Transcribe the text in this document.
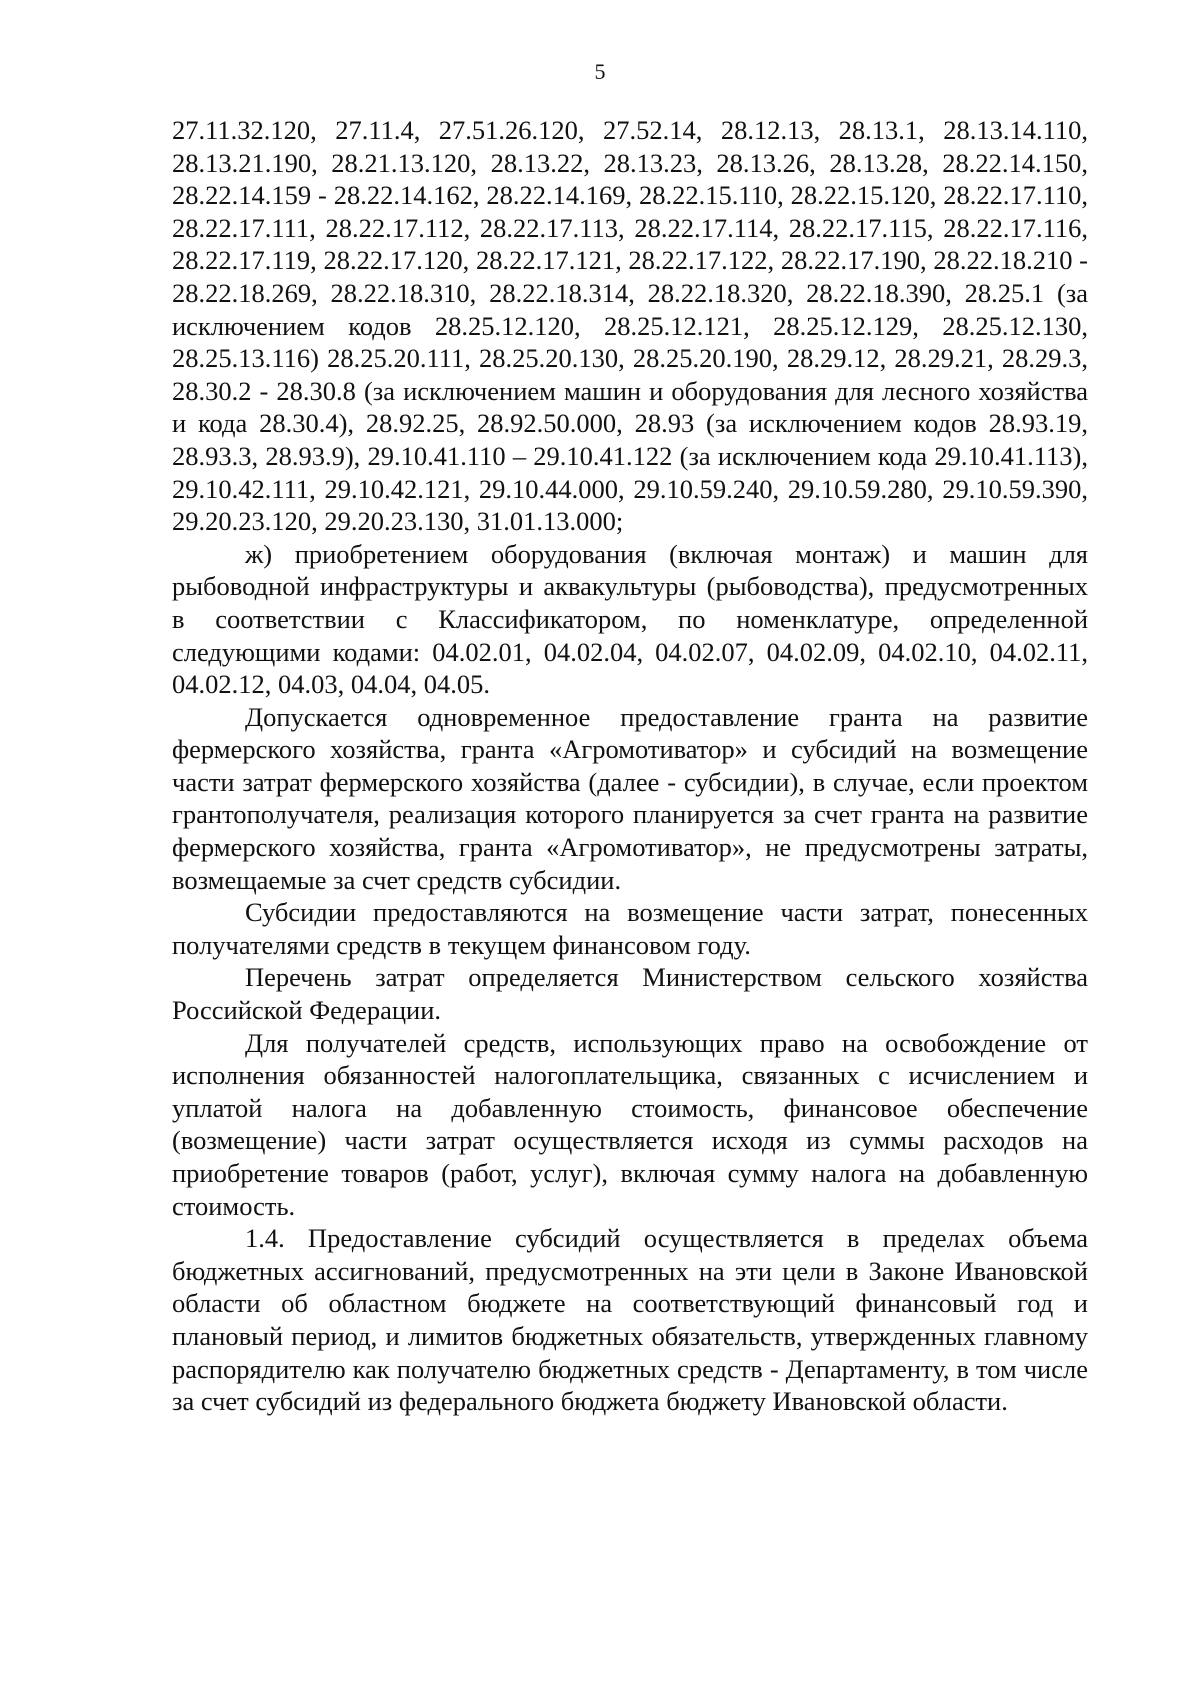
5

27.11.32.120, 27.11.4, 27.51.26.120, 27.52.14, 28.12.13, 28.13.1, 28.13.14.110, 28.13.21.190, 28.21.13.120, 28.13.22, 28.13.23, 28.13.26, 28.13.28, 28.22.14.150, 28.22.14.159 - 28.22.14.162, 28.22.14.169, 28.22.15.110, 28.22.15.120, 28.22.17.110, 28.22.17.111, 28.22.17.112, 28.22.17.113, 28.22.17.114, 28.22.17.115, 28.22.17.116, 28.22.17.119, 28.22.17.120, 28.22.17.121, 28.22.17.122, 28.22.17.190, 28.22.18.210 - 28.22.18.269, 28.22.18.310, 28.22.18.314, 28.22.18.320, 28.22.18.390, 28.25.1 (за исключением кодов 28.25.12.120, 28.25.12.121, 28.25.12.129, 28.25.12.130, 28.25.13.116) 28.25.20.111, 28.25.20.130, 28.25.20.190, 28.29.12, 28.29.21, 28.29.3, 28.30.2 - 28.30.8 (за исключением машин и оборудования для лесного хозяйства и кода 28.30.4), 28.92.25, 28.92.50.000, 28.93 (за исключением кодов 28.93.19, 28.93.3, 28.93.9), 29.10.41.110 – 29.10.41.122 (за исключением кода 29.10.41.113), 29.10.42.111, 29.10.42.121, 29.10.44.000, 29.10.59.240, 29.10.59.280, 29.10.59.390, 29.20.23.120, 29.20.23.130, 31.01.13.000;

ж) приобретением оборудования (включая монтаж) и машин для рыбоводной инфраструктуры и аквакультуры (рыбоводства), предусмотренных в соответствии с Классификатором, по номенклатуре, определенной следующими кодами: 04.02.01, 04.02.04, 04.02.07, 04.02.09, 04.02.10, 04.02.11, 04.02.12, 04.03, 04.04, 04.05.

Допускается одновременное предоставление гранта на развитие фермерского хозяйства, гранта «Агромотиватор» и субсидий на возмещение части затрат фермерского хозяйства (далее - субсидии), в случае, если проектом грантополучателя, реализация которого планируется за счет гранта на развитие фермерского хозяйства, гранта «Агромотиватор», не предусмотрены затраты, возмещаемые за счет средств субсидии.

Субсидии предоставляются на возмещение части затрат, понесенных получателями средств в текущем финансовом году.

Перечень затрат определяется Министерством сельского хозяйства Российской Федерации.

Для получателей средств, использующих право на освобождение от исполнения обязанностей налогоплательщика, связанных с исчислением и уплатой налога на добавленную стоимость, финансовое обеспечение (возмещение) части затрат осуществляется исходя из суммы расходов на приобретение товаров (работ, услуг), включая сумму налога на добавленную стоимость.

1.4. Предоставление субсидий осуществляется в пределах объема бюджетных ассигнований, предусмотренных на эти цели в Законе Ивановской области об областном бюджете на соответствующий финансовый год и плановый период, и лимитов бюджетных обязательств, утвержденных главному распорядителю как получателю бюджетных средств - Департаменту, в том числе за счет субсидий из федерального бюджета бюджету Ивановской области.
